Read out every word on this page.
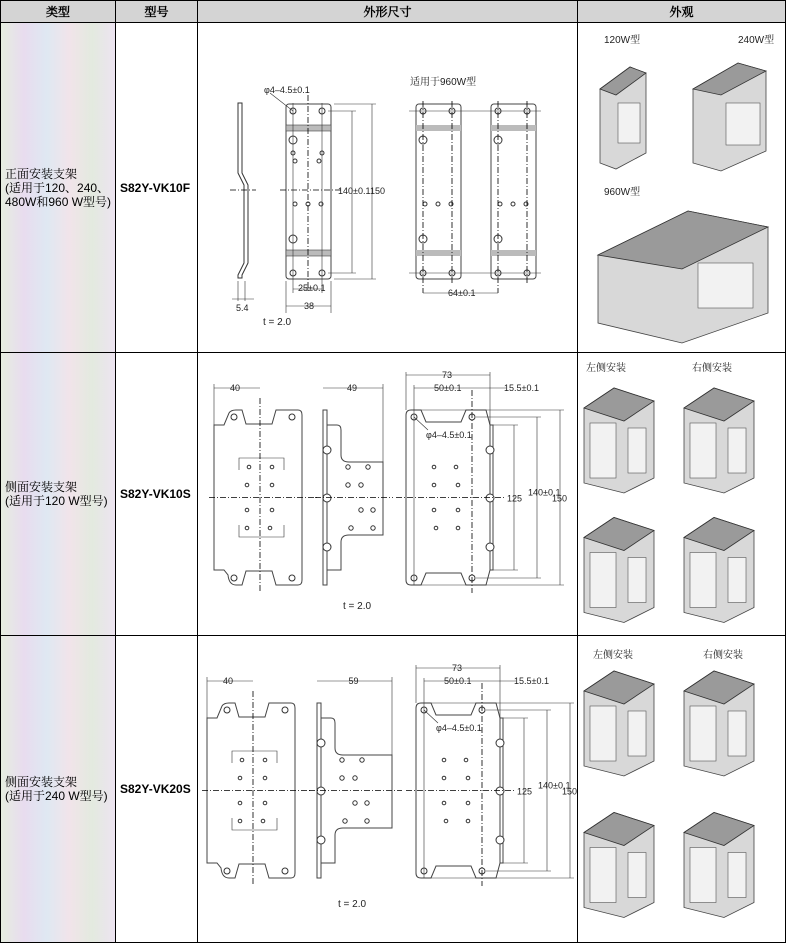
类型	型号	外形尺寸	外观
正面安装支架
(适用于120、240、
480W和960 W型号)
S82Y-VK10F
5.4
φ4–4.5±0.1
140±0.1 150
25±0.1
38
t = 2.0
适用于960W型
64±0.1
120W型	240W型
960W型
侧面安装支架
(适用于120 W型号)	S82Y-VK10S
40	49
73
50±0.1	15.5±0.1
φ4–4.5±0.1
125
140±0.1
150
t = 2.0
左侧安装	右侧安装
侧面安装支架
(适用于240 W型号)	S82Y-VK20S
40	59
73
50±0.1	15.5±0.1
φ4–4.5±0.1
125
140±0.1
150
t = 2.0
左侧安装	右侧安装
